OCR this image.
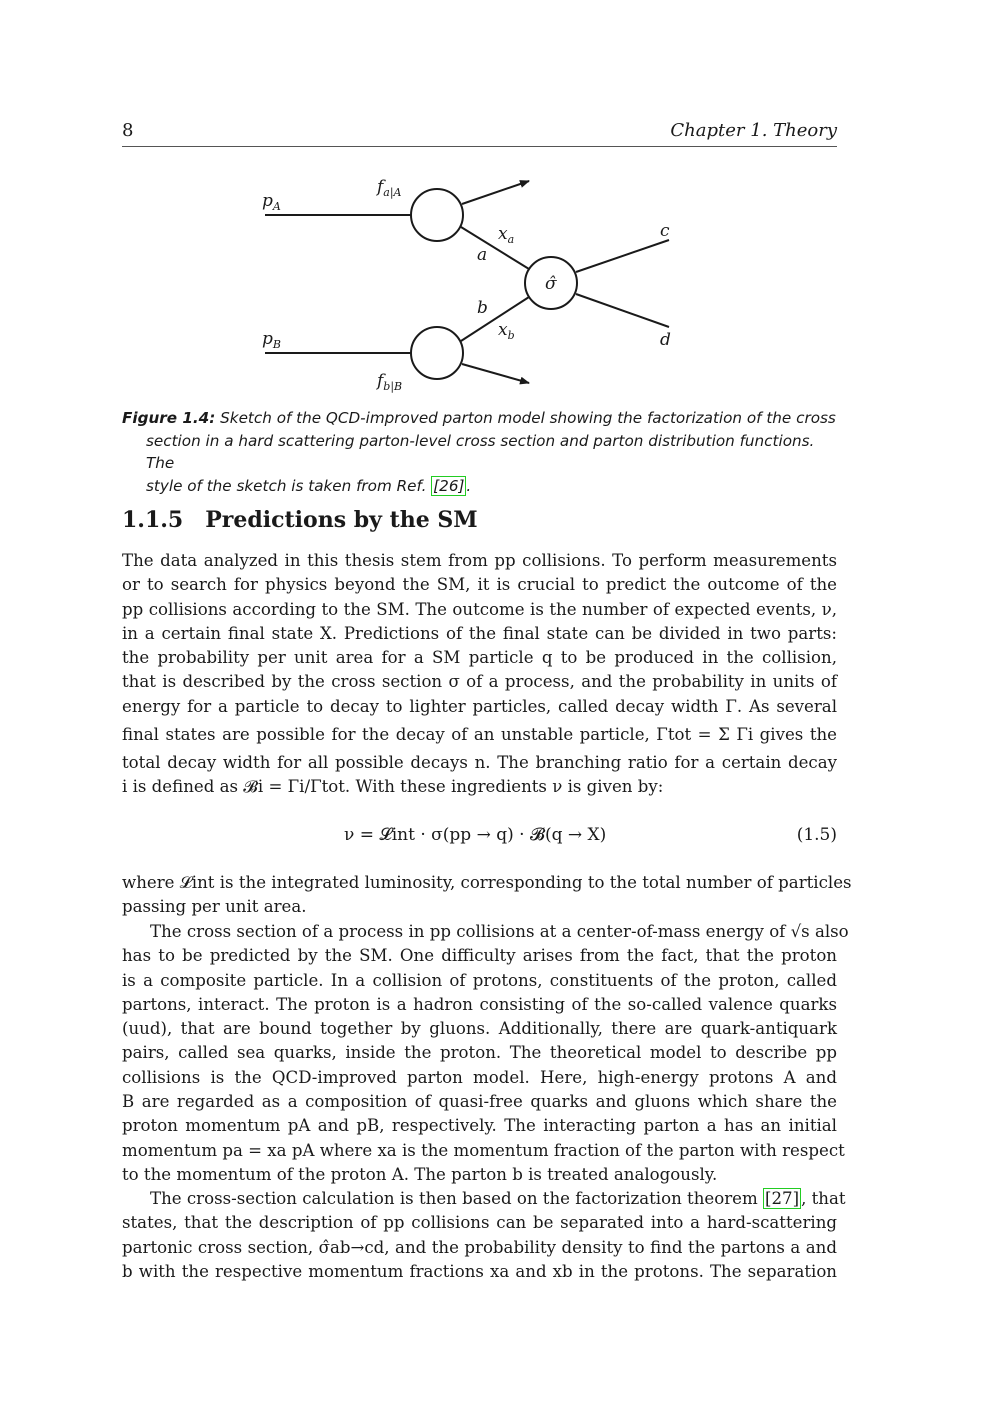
8	Chapter 1. Theory
$p_A$
$p_B$
$f_{a|A}$
$f_{b|B}$
$x_a$
$x_b$
a
b
c
d
σ̂
Figure 1.4: Sketch of the QCD-improved parton model showing the factorization of the cross
section in a hard scattering parton-level cross section and parton distribution functions. The
style of the sketch is taken from Ref. [26] .
1.1.5 Predictions by the SM
The data analyzed in this thesis stem from pp collisions. To perform measurements
or to search for physics beyond the SM, it is crucial to predict the outcome of the
pp collisions according to the SM. The outcome is the number of expected events, ν,
in a certain final state X. Predictions of the final state can be divided in two parts:
the probability per unit area for a SM particle q to be produced in the collision,
that is described by the cross section σ of a process, and the probability in units of
energy for a particle to decay to lighter particles, called decay width Γ. As several
final states are possible for the decay of an unstable particle, Γtot = Σ Γi gives the
total decay width for all possible decays n. The branching ratio for a certain decay
i is defined as 𝓑i = Γi/Γtot. With these ingredients ν is given by:
ν = 𝓛int · σ(pp → q) · 𝓑(q → X)	(1.5)
where 𝓛int is the integrated luminosity, corresponding to the total number of particles
passing per unit area.
The cross section of a process in pp collisions at a center-of-mass energy of √s also
has to be predicted by the SM. One difficulty arises from the fact, that the proton
is a composite particle. In a collision of protons, constituents of the proton, called
partons, interact. The proton is a hadron consisting of the so-called valence quarks
(uud), that are bound together by gluons. Additionally, there are quark-antiquark
pairs, called sea quarks, inside the proton. The theoretical model to describe pp
collisions is the QCD-improved parton model. Here, high-energy protons A and
B are regarded as a composition of quasi-free quarks and gluons which share the
proton momentum pA and pB, respectively. The interacting parton a has an initial
momentum pa = xa pA where xa is the momentum fraction of the parton with respect
to the momentum of the proton A. The parton b is treated analogously.
The cross-section calculation is then based on the factorization theorem [27] , that
states, that the description of pp collisions can be separated into a hard-scattering
partonic cross section, σ̂ab→cd, and the probability density to find the partons a and
b with the respective momentum fractions xa and xb in the protons. The separation
